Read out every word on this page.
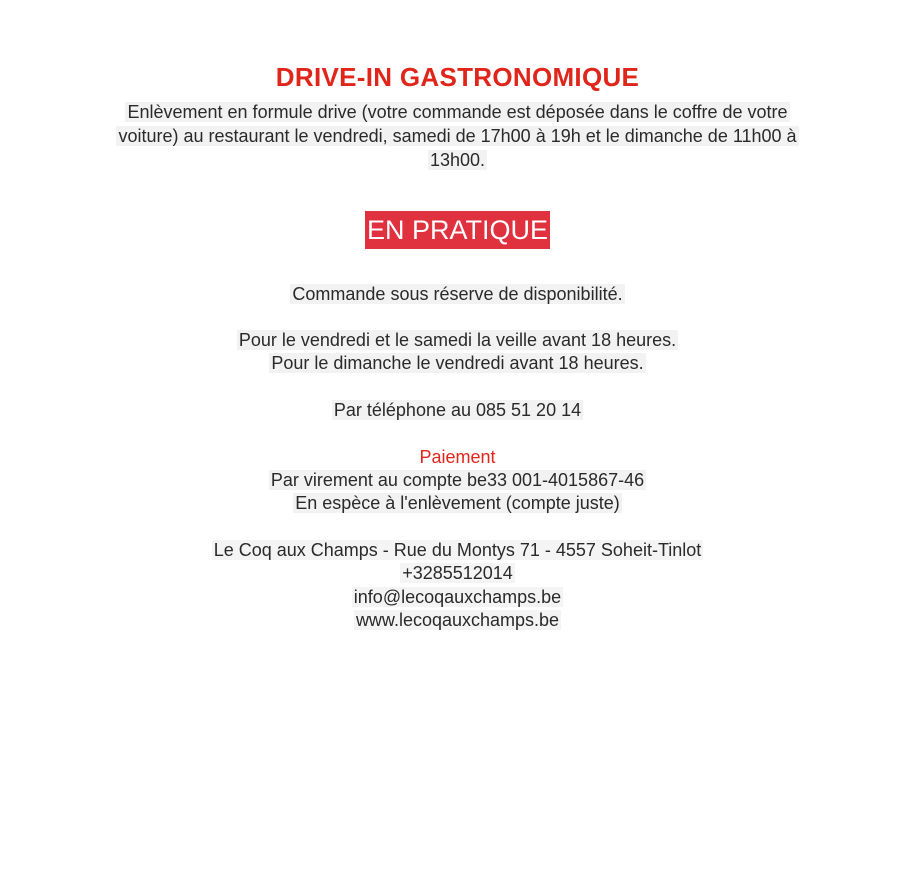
DRIVE-IN GASTRONOMIQUE
Enlèvement en formule drive (votre commande est déposée dans le coffre de votre
voiture) au restaurant le vendredi, samedi de 17h00 à 19h et le dimanche de 11h00 à
13h00.
EN PRATIQUE
Commande sous réserve de disponibilité.
Pour le vendredi et le samedi la veille avant 18 heures.
Pour le dimanche le vendredi avant 18 heures.
Par téléphone au 085 51 20 14
Paiement
Par virement au compte be33 001-4015867-46
En espèce à l'enlèvement (compte juste)
Le Coq aux Champs - Rue du Montys 71 - 4557 Soheit-Tinlot
+3285512014
info@lecoqauxchamps.be
www.lecoqauxchamps.be
